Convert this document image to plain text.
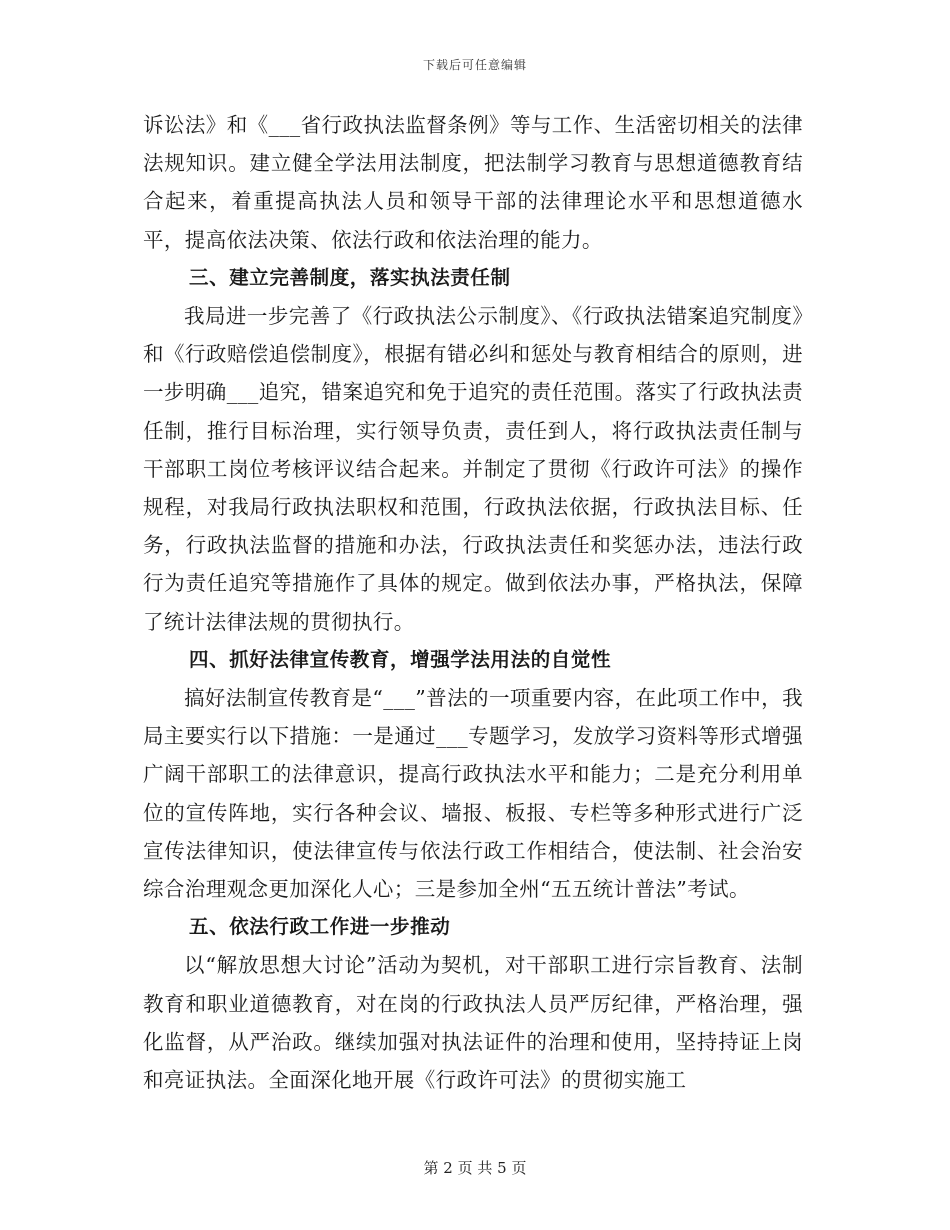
下载后可任意编辑

诉讼法》和《___省行政执法监督条例》等与工作、生活密切相关的法律法规知识。建立健全学法用法制度，把法制学习教育与思想道德教育结合起来，着重提高执法人员和领导干部的法律理论水平和思想道德水平，提高依法决策、依法行政和依法治理的能力。

三、建立完善制度，落实执法责任制

我局进一步完善了《行政执法公示制度》、《行政执法错案追究制度》和《行政赔偿追偿制度》，根据有错必纠和惩处与教育相结合的原则，进一步明确___追究，错案追究和免于追究的责任范围。落实了行政执法责任制，推行目标治理，实行领导负责，责任到人，将行政执法责任制与干部职工岗位考核评议结合起来。并制定了贯彻《行政许可法》的操作规程，对我局行政执法职权和范围，行政执法依据，行政执法目标、任务，行政执法监督的措施和办法，行政执法责任和奖惩办法，违法行政行为责任追究等措施作了具体的规定。做到依法办事，严格执法，保障了统计法律法规的贯彻执行。

四、抓好法律宣传教育，增强学法用法的自觉性

搞好法制宣传教育是“___”普法的一项重要内容，在此项工作中，我局主要实行以下措施：一是通过___专题学习，发放学习资料等形式增强广阔干部职工的法律意识，提高行政执法水平和能力；二是充分利用单位的宣传阵地，实行各种会议、墙报、板报、专栏等多种形式进行广泛宣传法律知识，使法律宣传与依法行政工作相结合，使法制、社会治安综合治理观念更加深化人心；三是参加全州“五五统计普法”考试。

五、依法行政工作进一步推动

以“解放思想大讨论”活动为契机，对干部职工进行宗旨教育、法制教育和职业道德教育，对在岗的行政执法人员严厉纪律，严格治理，强化监督，从严治政。继续加强对执法证件的治理和使用，坚持持证上岗和亮证执法。全面深化地开展《行政许可法》的贯彻实施工

第 2 页 共 5 页
